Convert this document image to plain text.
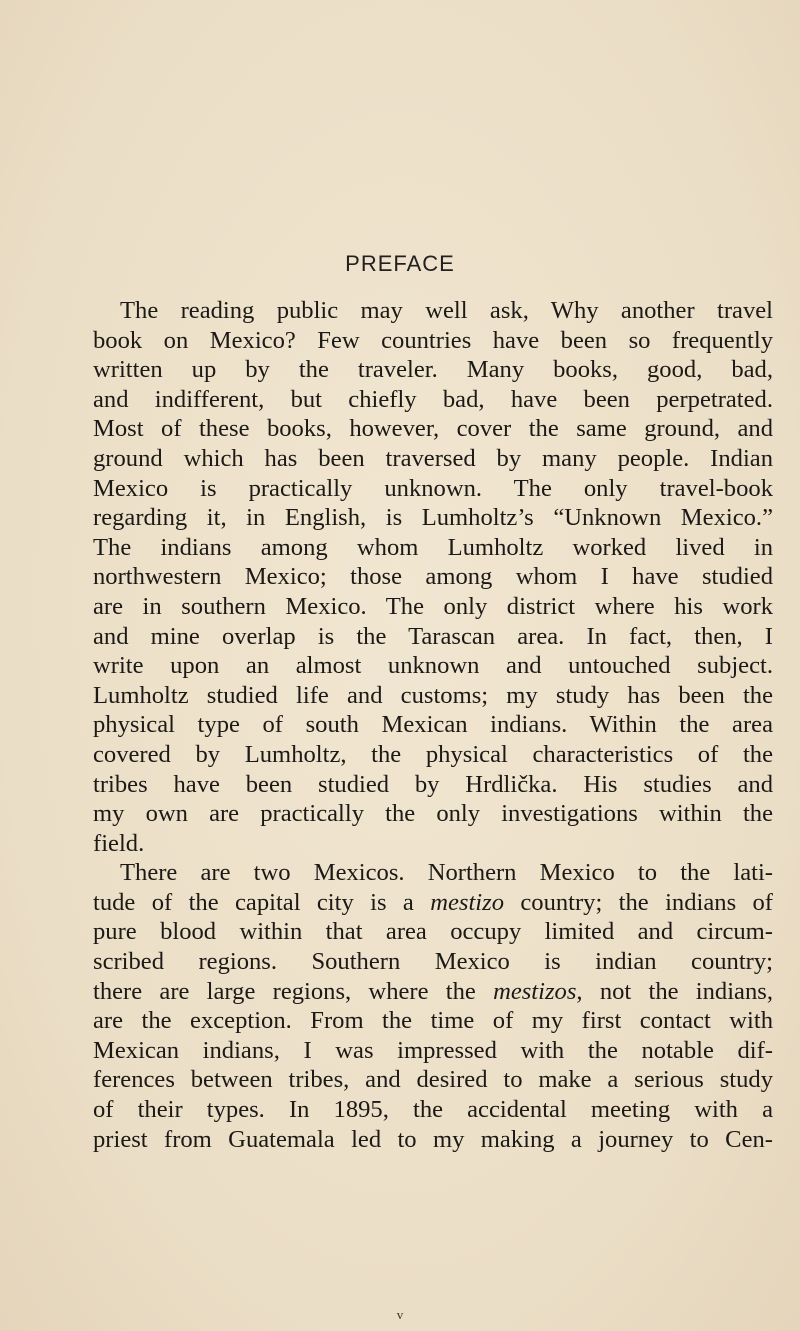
PREFACE
The reading public may well ask, Why another travel
book on Mexico? Few countries have been so frequently
written up by the traveler. Many books, good, bad,
and indifferent, but chiefly bad, have been perpetrated.
Most of these books, however, cover the same ground, and
ground which has been traversed by many people. Indian
Mexico is practically unknown. The only travel-book
regarding it, in English, is Lumholtz’s “Unknown Mexico.”
The indians among whom Lumholtz worked lived in
northwestern Mexico; those among whom I have studied
are in southern Mexico. The only district where his work
and mine overlap is the Tarascan area. In fact, then, I
write upon an almost unknown and untouched subject.
Lumholtz studied life and customs; my study has been the
physical type of south Mexican indians. Within the area
covered by Lumholtz, the physical characteristics of the
tribes have been studied by Hrdlička. His studies and
my own are practically the only investigations within the
field.
There are two Mexicos. Northern Mexico to the lati-
tude of the capital city is a mestizo country; the indians of
pure blood within that area occupy limited and circum-
scribed regions. Southern Mexico is indian country;
there are large regions, where the mestizos, not the indians,
are the exception. From the time of my first contact with
Mexican indians, I was impressed with the notable dif-
ferences between tribes, and desired to make a serious study
of their types. In 1895, the accidental meeting with a
priest from Guatemala led to my making a journey to Cen-
v
